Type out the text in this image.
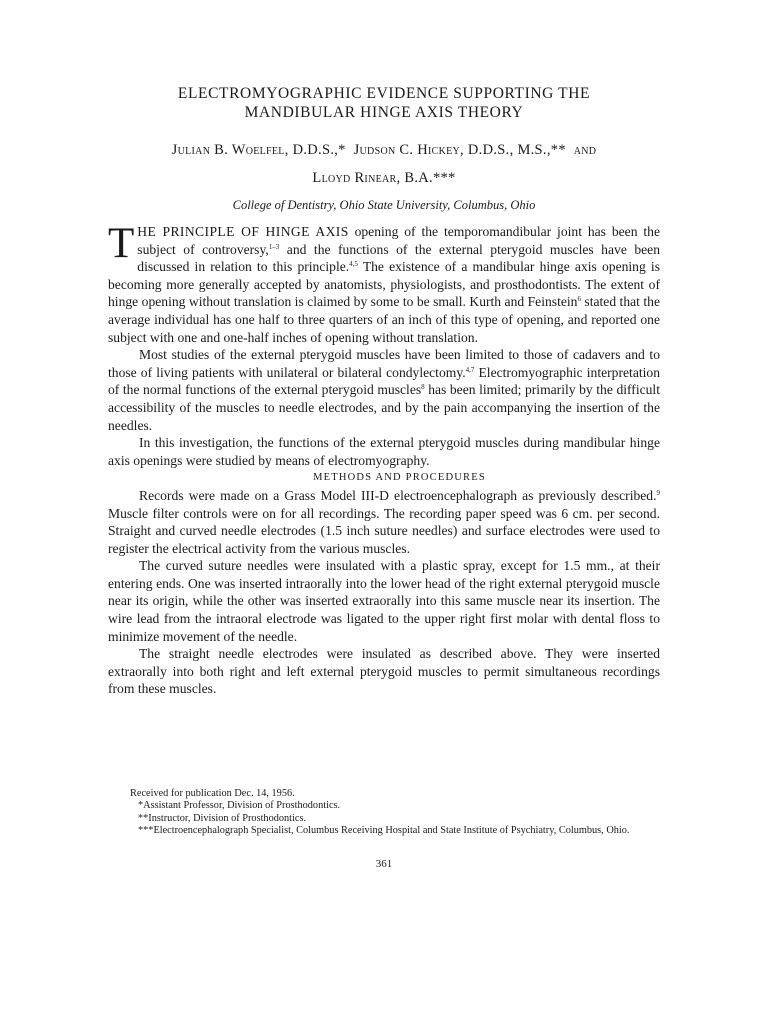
ELECTROMYOGRAPHIC EVIDENCE SUPPORTING THE
MANDIBULAR HINGE AXIS THEORY
Julian B. Woelfel, D.D.S.,* Judson C. Hickey, D.D.S., M.S.,** and
Lloyd Rinear, B.A.***
College of Dentistry, Ohio State University, Columbus, Ohio

THE PRINCIPLE OF HINGE AXIS opening of the temporomandibular joint has been the subject of controversy,$^{1-3}$ and the functions of the external pterygoid muscles have been discussed in relation to this principle.$^{4,5}$ The existence of a mandibular hinge axis opening is becoming more generally accepted by anatomists, physiologists, and prosthodontists. The extent of hinge opening without translation is claimed by some to be small. Kurth and Feinstein$^6$ stated that the average individual has one half to three quarters of an inch of this type of opening, and reported one subject with one and one-half inches of opening without translation.

Most studies of the external pterygoid muscles have been limited to those of cadavers and to those of living patients with unilateral or bilateral condylectomy.$^{4,7}$ Electromyographic interpretation of the normal functions of the external pterygoid muscles$^8$ has been limited; primarily by the difficult accessibility of the muscles to needle electrodes, and by the pain accompanying the insertion of the needles.

In this investigation, the functions of the external pterygoid muscles during mandibular hinge axis openings were studied by means of electromyography.

METHODS AND PROCEDURES

Records were made on a Grass Model III-D electroencephalograph as previously described.$^9$ Muscle filter controls were on for all recordings. The recording paper speed was 6 cm. per second. Straight and curved needle electrodes (1.5 inch suture needles) and surface electrodes were used to register the electrical activity from the various muscles.

The curved suture needles were insulated with a plastic spray, except for 1.5 mm., at their entering ends. One was inserted intraorally into the lower head of the right external pterygoid muscle near its origin, while the other was inserted extraorally into this same muscle near its insertion. The wire lead from the intraoral electrode was ligated to the upper right first molar with dental floss to minimize movement of the needle.

The straight needle electrodes were insulated as described above. They were inserted extraorally into both right and left external pterygoid muscles to permit simultaneous recordings from these muscles.

Received for publication Dec. 14, 1956.
*Assistant Professor, Division of Prosthodontics.
**Instructor, Division of Prosthodontics.
***Electroencephalograph Specialist, Columbus Receiving Hospital and State Institute of Psychiatry, Columbus, Ohio.
361
